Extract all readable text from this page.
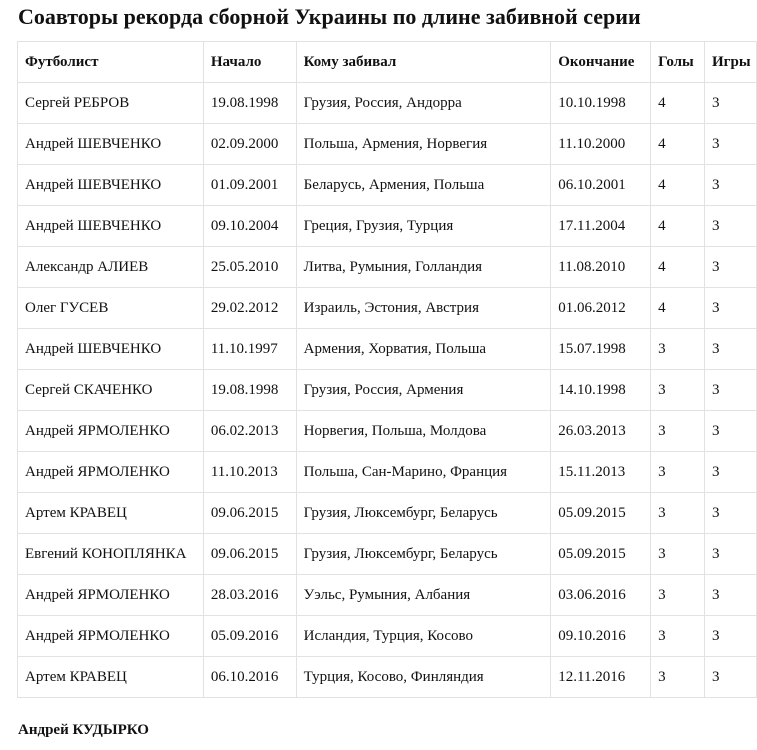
Соавторы рекорда сборной Украины по длине забивной серии
Футболист	Начало	Кому забивал	Окончание	Голы	Игры
Сергей РЕБРОВ	19.08.1998	Грузия, Россия, Андорра	10.10.1998	4	3
Андрей ШЕВЧЕНКО	02.09.2000	Польша, Армения, Норвегия	11.10.2000	4	3
Андрей ШЕВЧЕНКО	01.09.2001	Беларусь, Армения, Польша	06.10.2001	4	3
Андрей ШЕВЧЕНКО	09.10.2004	Греция, Грузия, Турция	17.11.2004	4	3
Александр АЛИЕВ	25.05.2010	Литва, Румыния, Голландия	11.08.2010	4	3
Олег ГУСЕВ	29.02.2012	Израиль, Эстония, Австрия	01.06.2012	4	3
Андрей ШЕВЧЕНКО	11.10.1997	Армения, Хорватия, Польша	15.07.1998	3	3
Сергей СКАЧЕНКО	19.08.1998	Грузия, Россия, Армения	14.10.1998	3	3
Андрей ЯРМОЛЕНКО	06.02.2013	Норвегия, Польша, Молдова	26.03.2013	3	3
Андрей ЯРМОЛЕНКО	11.10.2013	Польша, Сан-Марино, Франция	15.11.2013	3	3
Артем КРАВЕЦ	09.06.2015	Грузия, Люксембург, Беларусь	05.09.2015	3	3
Евгений КОНОПЛЯНКА	09.06.2015	Грузия, Люксембург, Беларусь	05.09.2015	3	3
Андрей ЯРМОЛЕНКО	28.03.2016	Уэльс, Румыния, Албания	03.06.2016	3	3
Андрей ЯРМОЛЕНКО	05.09.2016	Исландия, Турция, Косово	09.10.2016	3	3
Артем КРАВЕЦ	06.10.2016	Турция, Косово, Финляндия	12.11.2016	3	3
Андрей КУДЫРКО
